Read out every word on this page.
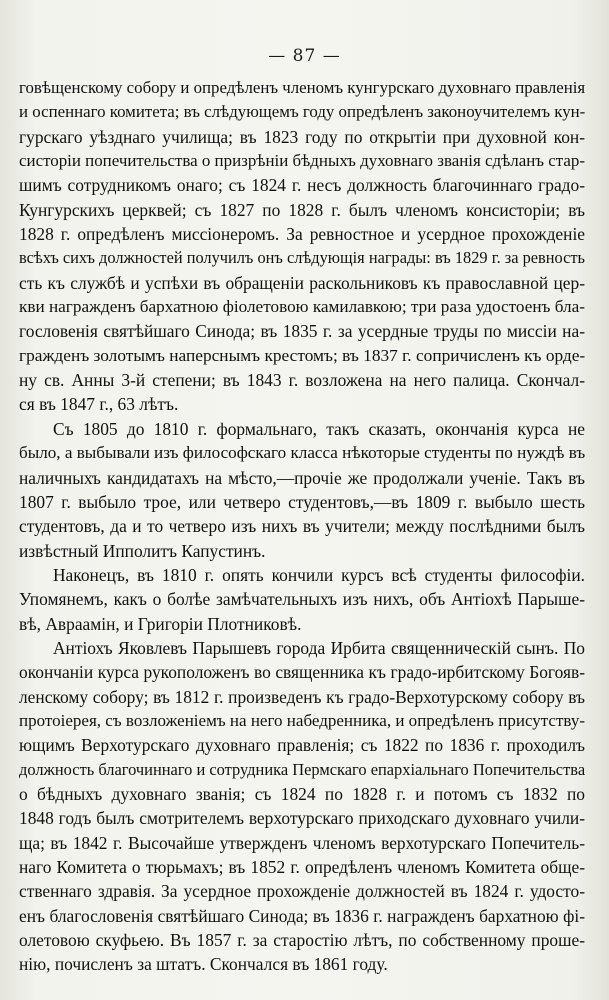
— 87 —
говѣщенскому собору и опредѣленъ членомъ кунгурскаго духовнаго правленія
и оспеннаго комитета; въ слѣдующемъ году опредѣленъ законоучителемъ кун-
гурскаго уѣзднаго училища; въ 1823 году по открытіи при духовной кон-
систоріи попечительства о призрѣніи бѣдныхъ духовнаго званія сдѣланъ стар-
шимъ сотрудникомъ онаго; съ 1824 г. несъ должность благочиннаго градо-
Кунгурскихъ церквей; съ 1827 по 1828 г. былъ членомъ консисторіи; въ
1828 г. опредѣленъ миссіонеромъ. За ревностное и усердное прохожденіе
всѣхъ сихъ должностей получилъ онъ слѣдующія награды: въ 1829 г. за ревность
сть къ службѣ и успѣхи въ обращеніи раскольниковъ къ православной цер-
кви награжденъ бархатною фіолетовою камилавкою; три раза удостоенъ бла-
гословенія святѣйшаго Синода; въ 1835 г. за усердные труды по миссіи на-
гражденъ золотымъ наперснымъ крестомъ; въ 1837 г. сопричисленъ къ орде-
ну св. Анны 3-й степени; въ 1843 г. возложена на него палица. Скончал-
ся въ 1847 г., 63 лѣтъ.
Съ 1805 до 1810 г. формальнаго, такъ сказать, окончанія курса не
было, а выбывали изъ философскаго класса нѣкоторые студенты по нуждѣ въ
наличныхъ кандидатахъ на мѣсто,—прочіе же продолжали ученіе. Такъ въ
1807 г. выбыло трое, или четверо студентовъ,—въ 1809 г. выбыло шесть
студентовъ, да и то четверо изъ нихъ въ учители; между послѣдними былъ
извѣстный Ипполитъ Капустинъ.
Наконецъ, въ 1810 г. опять кончили курсъ всѣ студенты философіи.
Упомянемъ, какъ о болѣе замѣчательныхъ изъ нихъ, объ Антіохѣ Парыше-
вѣ, Авраамін, и Григоріи Плотниковѣ.
Антіохъ Яковлевъ Парышевъ города Ирбита священническій сынъ. По
окончаніи курса рукоположенъ во священника къ градо-ирбитскому Богояв-
ленскому собору; въ 1812 г. произведенъ къ градо-Верхотурскому собору въ
протоіерея, съ возложеніемъ на него набедренника, и опредѣленъ присутству-
ющимъ Верхотурскаго духовнаго правленія; съ 1822 по 1836 г. проходилъ
должность благочиннаго и сотрудника Пермскаго епархіальнаго Попечительства
о бѣдныхъ духовнаго званія; съ 1824 по 1828 г. и потомъ съ 1832 по
1848 годъ былъ смотрителемъ верхотурскаго приходскаго духовнаго учили-
ща; въ 1842 г. Высочайше утвержденъ членомъ верхотурскаго Попечитель-
наго Комитета о тюрьмахъ; въ 1852 г. опредѣленъ членомъ Комитета обще-
ственнаго здравія. За усердное прохожденіе должностей въ 1824 г. удосто-
енъ благословенія святѣйшаго Синода; въ 1836 г. награжденъ бархатною фі-
олетовою скуфьею. Въ 1857 г. за старостію лѣтъ, по собственному проше-
нію, почисленъ за штатъ. Скончался въ 1861 году.
